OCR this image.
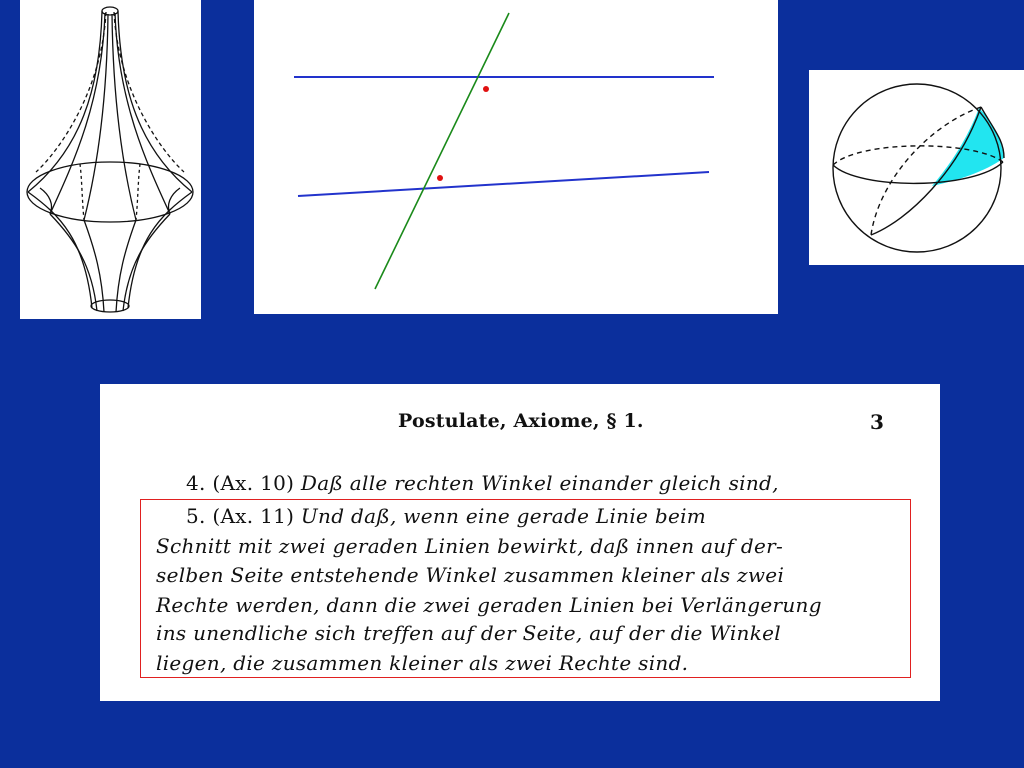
Postulate, Axiome, § 1.	3
4. (Ax. 10) Daß alle rechten Winkel einander gleich sind,
5. (Ax. 11) Und daß, wenn eine gerade Linie beim
Schnitt mit zwei geraden Linien bewirkt, daß innen auf der-
selben Seite entstehende Winkel zusammen kleiner als zwei
Rechte werden, dann die zwei geraden Linien bei Verlängerung
ins unendliche sich treffen auf der Seite, auf der die Winkel
liegen, die zusammen kleiner als zwei Rechte sind.
